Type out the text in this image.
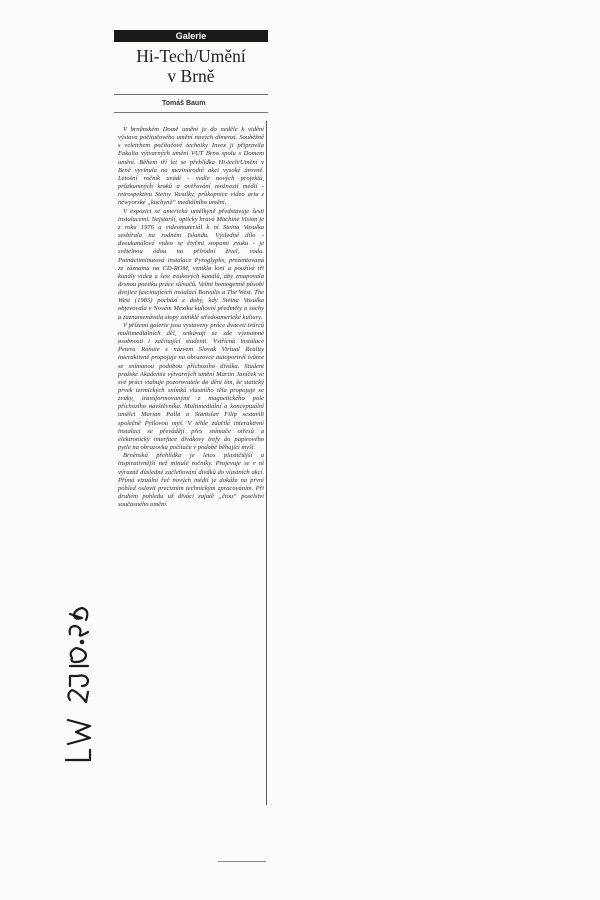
Galerie
Hi-Tech/Umění
v Brně
Tomáš Baum

V brněnském Domě umění je do neděle k vidění výstava počítačového umění nových dimenzí. Souběžně s veletrhem počítačové techniky Invex ji připravila Fakulta výtvarných umění VUT Brno spolu s Domem umění. Během tří let se přehlídka Hi-tech/Umění v Brně vyvinula na mezinárodní akci vysoké úrovně. Letošní ročník uvádí - vedle nových projektů, průzkumných kroků a ověřování možností médií - retrospektivu Steiny Vasulky, průkopnice video artu z newyorské „kuchyně“ mediálního umění.

V expozici se americká umělkyně představuje šesti instalacemi. Nejstarší, opticky hravá Machine Vision je z roku 1976 a videomateriál k ní Steina Vasulka sesbírala na rodném Islandu. Výsledné dílo - dvoukanálové video se čtyřmi stopami zvuku - je světelnou ódou na přírodní živel, vodu. Patnáctiminutová instalace Pyroglyphs, prezentovaná ze záznamu na CD-ROM, vznikla loni a používá tři kanály videa a šest zvukových kanálů, aby zmapovala drsnou poetiku práce slévačů. Velmi homogenně působí dvojice fascinujících instalací Borealis a The West. The West (1983) pochází z doby, kdy Steina Vasulka objevovala v Novém Mexiku kultovní předměty a sochy a zaznamenávala stopy zaniklé středoamerické kultury.

V přízemí galerie jsou vystaveny práce dvaceti tvůrců multimediálních děl, setkávají se zde významné osobnosti i začínající studenti. Vstřícná instalace Petera Rónaie s názvem Slovak Virtual Reality interaktivně propojuje na obrazovce autoportrét tvůrce se snímanou podobou příchozího diváka. Student pražské Akademie výtvarných umění Martin Janíček ve své práci vtahuje pozorovatele do dění tím, že statický prvek termických snímků vlastního těla propojuje se zvuky, transformovanými z magnetického pole příchozího návštěvníka. Multimediální a konceptuální umělci Marian Palla a Stanislav Filip sestavili společně Pytlovou myš. V téhle zdařilé interaktivní instalaci se převádějí přes snímače otřesů a elektronický interface divákovy trefy do papírového pytle na obrazovku počítače v podobě běhající myši.

Brněnská přehlídka je letos plastičtější a inspirativnější než minulé ročníky. Projevuje se v ní výrazně důsledné začleňování diváků do vlastních akcí. Přímá vizuální řeč nových médií je dokáže na první pohled oslovit precizním technickým zpracováním. Při druhém pohledu už diváci zajatě „čtou“ poselství současného umění.
